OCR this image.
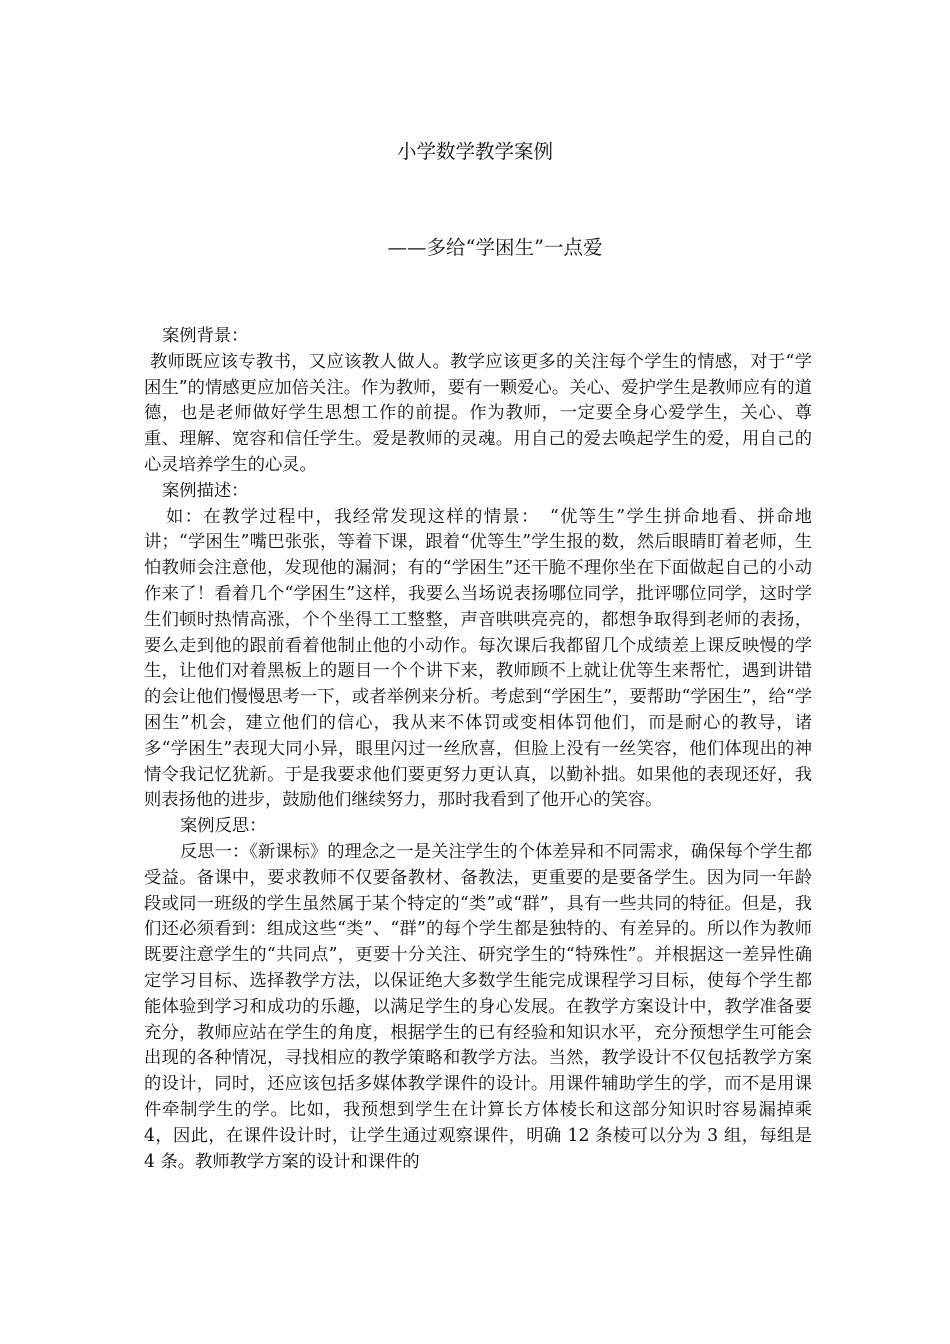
小学数学教学案例
——多给“学困生”一点爱

案例背景：

教师既应该专教书，又应该教人做人。教学应该更多的关注每个学生的情感，对于“学困生”的情感更应加倍关注。作为教师，要有一颗爱心。关心、爱护学生是教师应有的道德，也是老师做好学生思想工作的前提。作为教师，一定要全身心爱学生，关心、尊重、理解、宽容和信任学生。爱是教师的灵魂。用自己的爱去唤起学生的爱，用自己的心灵培养学生的心灵。

案例描述：

如：在教学过程中，我经常发现这样的情景：　“优等生”学生拼命地看、拼命地讲；“学困生”嘴巴张张，等着下课，跟着“优等生”学生报的数，然后眼睛盯着老师，生怕教师会注意他，发现他的漏洞；有的“学困生”还干脆不理你坐在下面做起自己的小动作来了！看着几个“学困生”这样，我要么当场说表扬哪位同学，批评哪位同学，这时学生们顿时热情高涨，个个坐得工工整整，声音哄哄亮亮的，都想争取得到老师的表扬，要么走到他的跟前看着他制止他的小动作。每次课后我都留几个成绩差上课反映慢的学生，让他们对着黑板上的题目一个个讲下来，教师顾不上就让优等生来帮忙，遇到讲错的会让他们慢慢思考一下，或者举例来分析。考虑到“学困生”，要帮助“学困生”，给“学困生”机会，建立他们的信心，我从来不体罚或变相体罚他们，而是耐心的教导，诸多“学困生”表现大同小异，眼里闪过一丝欣喜，但脸上没有一丝笑容，他们体现出的神情令我记忆犹新。于是我要求他们要更努力更认真，以勤补拙。如果他的表现还好，我则表扬他的进步，鼓励他们继续努力，那时我看到了他开心的笑容。

案例反思：

反思一：《新课标》的理念之一是关注学生的个体差异和不同需求，确保每个学生都受益。备课中，要求教师不仅要备教材、备教法，更重要的是要备学生。因为同一年龄段或同一班级的学生虽然属于某个特定的“类”或“群”，具有一些共同的特征。但是，我们还必须看到：组成这些“类”、“群”的每个学生都是独特的、有差异的。所以作为教师既要注意学生的“共同点”，更要十分关注、研究学生的“特殊性”。并根据这一差异性确定学习目标、选择教学方法，以保证绝大多数学生能完成课程学习目标，使每个学生都能体验到学习和成功的乐趣，以满足学生的身心发展。在教学方案设计中，教学准备要充分，教师应站在学生的角度，根据学生的已有经验和知识水平，充分预想学生可能会出现的各种情况，寻找相应的教学策略和教学方法。当然，教学设计不仅包括教学方案的设计，同时，还应该包括多媒体教学课件的设计。用课件辅助学生的学，而不是用课件牵制学生的学。比如，我预想到学生在计算长方体棱长和这部分知识时容易漏掉乘 4，因此，在课件设计时，让学生通过观察课件，明确 12 条棱可以分为 3 组，每组是 4 条。教师教学方案的设计和课件的
